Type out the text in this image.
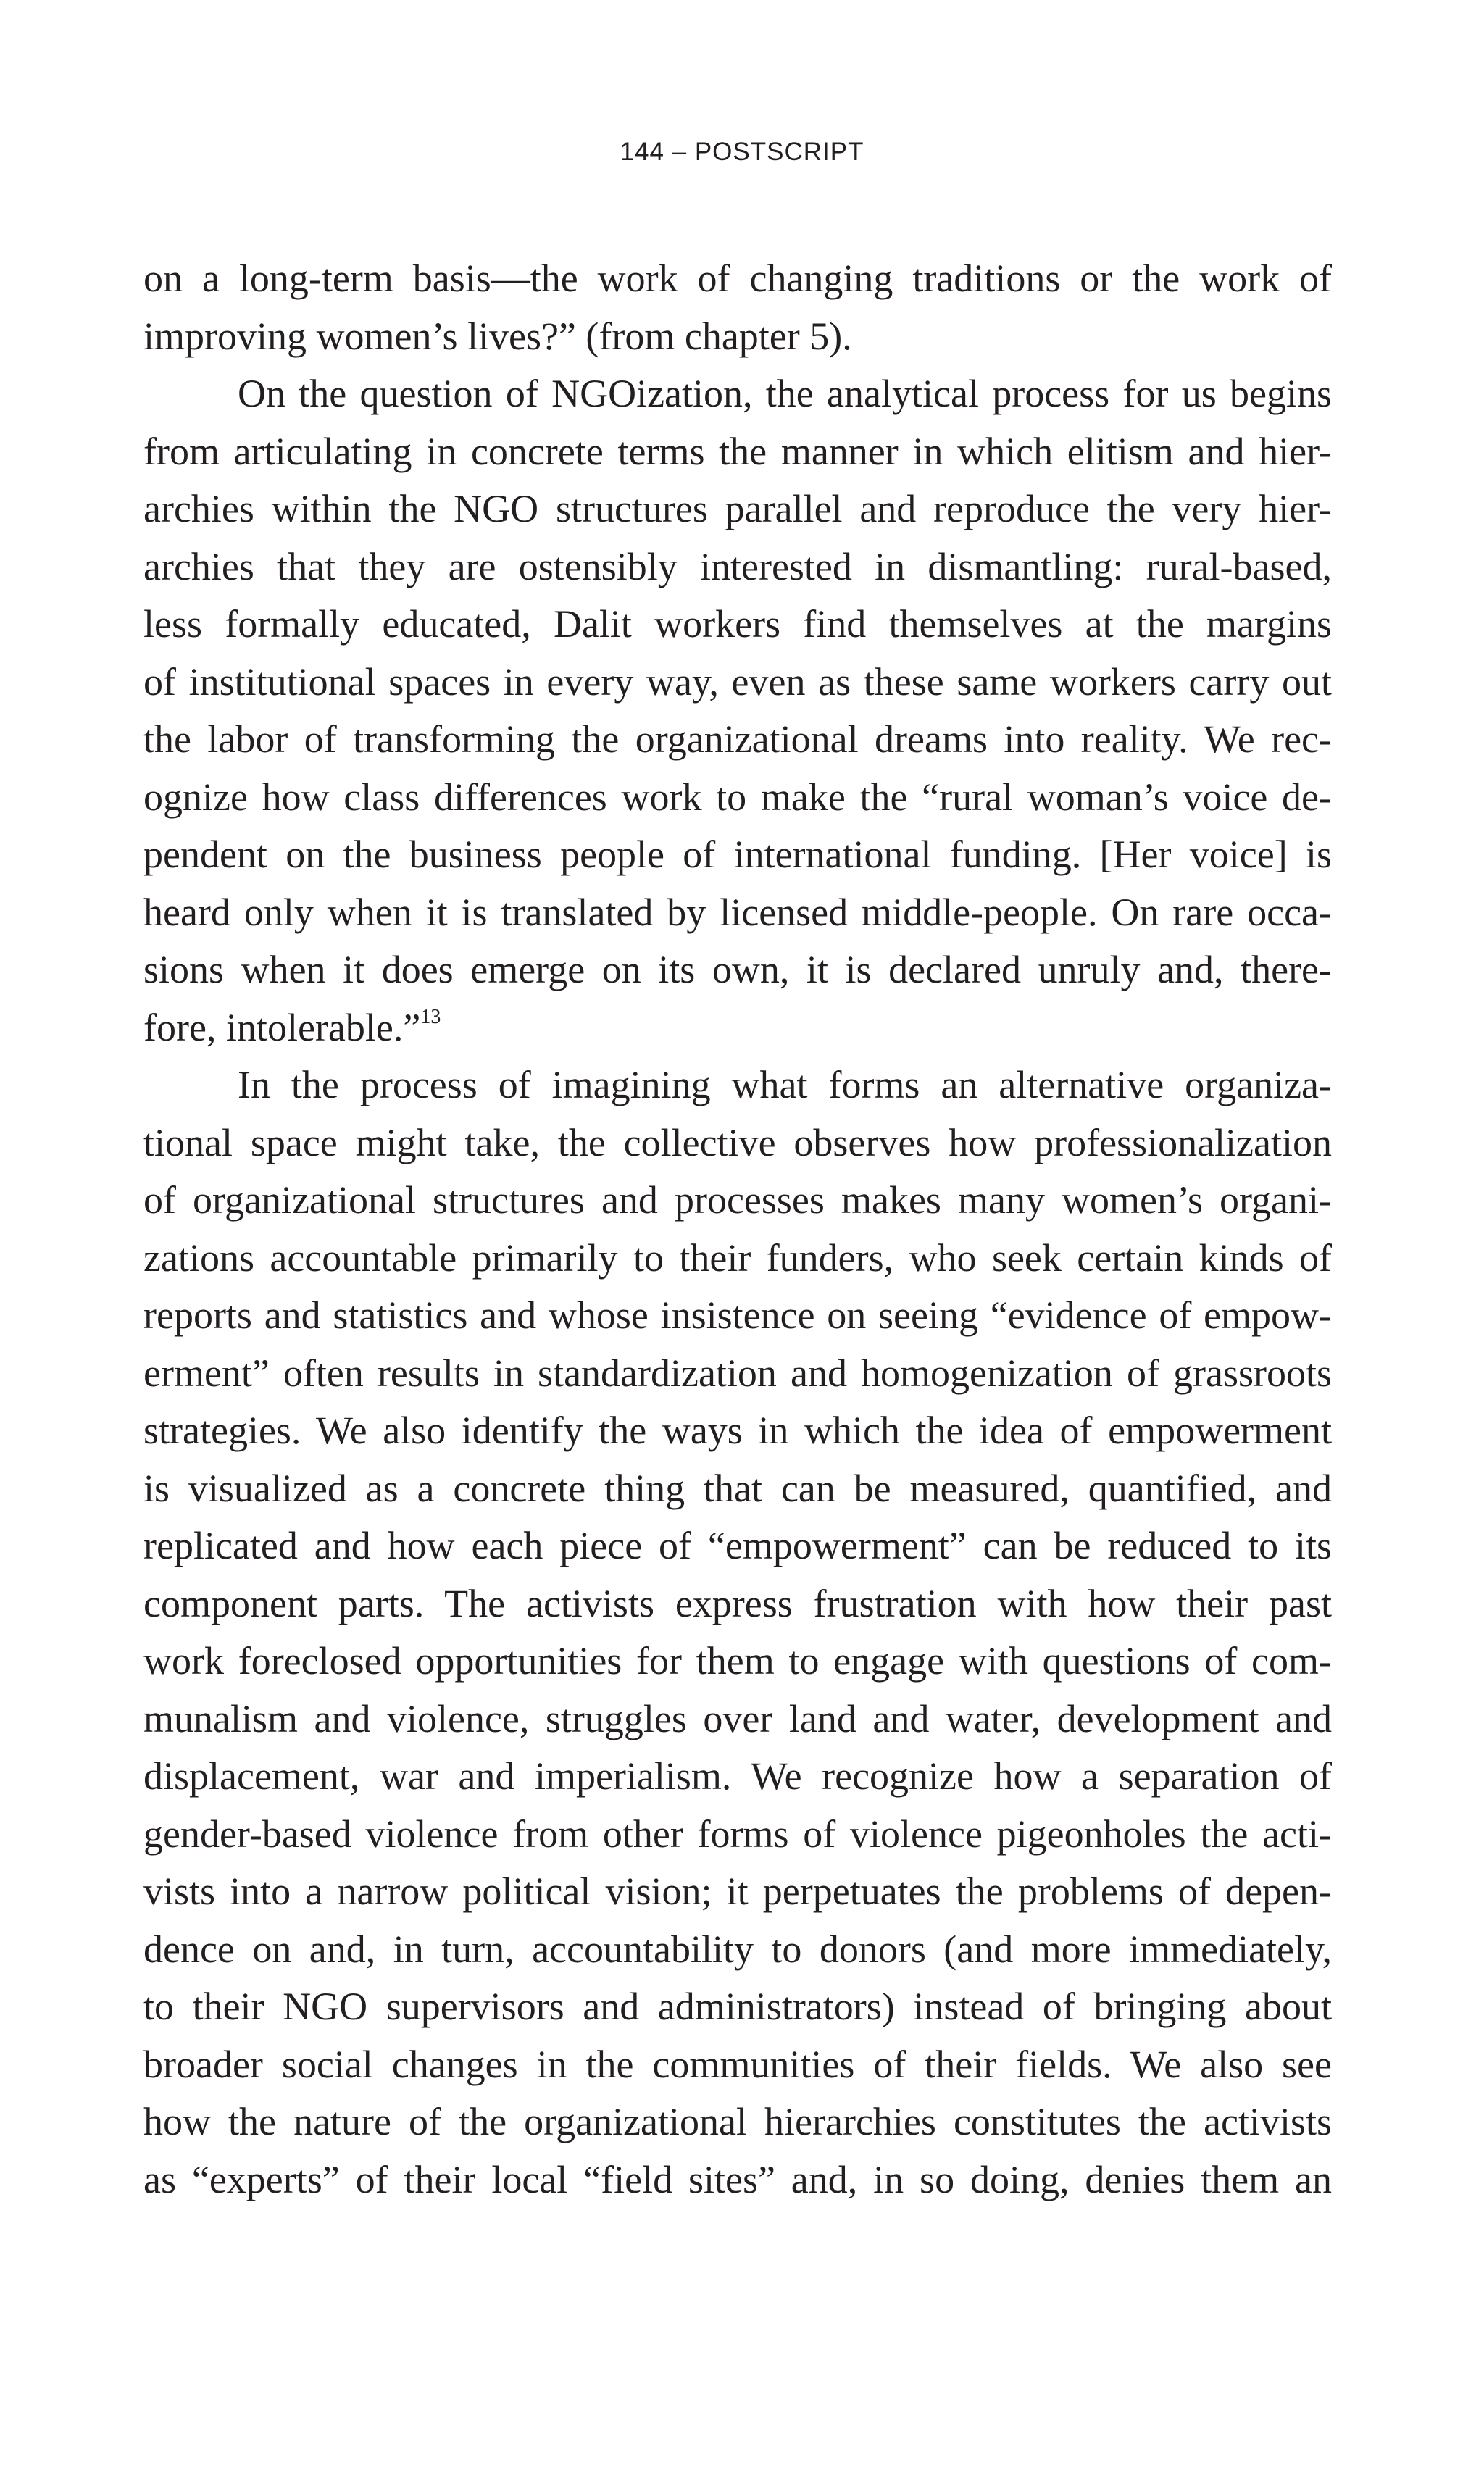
144 – POSTSCRIPT

on a long-term basis—the work of changing traditions or the work of
improving women’s lives?” (from chapter 5).

On the question of NGOization, the analytical process for us begins
from articulating in concrete terms the manner in which elitism and hier-
archies within the NGO structures parallel and reproduce the very hier-
archies that they are ostensibly interested in dismantling: rural-based,
less formally educated, Dalit workers find themselves at the margins
of institutional spaces in every way, even as these same workers carry out
the labor of transforming the organizational dreams into reality. We rec-
ognize how class differences work to make the “rural woman’s voice de-
pendent on the business people of international funding. [Her voice] is
heard only when it is translated by licensed middle-people. On rare occa-
sions when it does emerge on its own, it is declared unruly and, there-
fore, intolerable.”$^{13}$

In the process of imagining what forms an alternative organiza-
tional space might take, the collective observes how professionalization
of organizational structures and processes makes many women’s organi-
zations accountable primarily to their funders, who seek certain kinds of
reports and statistics and whose insistence on seeing “evidence of empow-
erment” often results in standardization and homogenization of grassroots
strategies. We also identify the ways in which the idea of empowerment
is visualized as a concrete thing that can be measured, quantified, and
replicated and how each piece of “empowerment” can be reduced to its
component parts. The activists express frustration with how their past
work foreclosed opportunities for them to engage with questions of com-
munalism and violence, struggles over land and water, development and
displacement, war and imperialism. We recognize how a separation of
gender-based violence from other forms of violence pigeonholes the acti-
vists into a narrow political vision; it perpetuates the problems of depen-
dence on and, in turn, accountability to donors (and more immediately,
to their NGO supervisors and administrators) instead of bringing about
broader social changes in the communities of their fields. We also see
how the nature of the organizational hierarchies constitutes the activists
as “experts” of their local “field sites” and, in so doing, denies them an
